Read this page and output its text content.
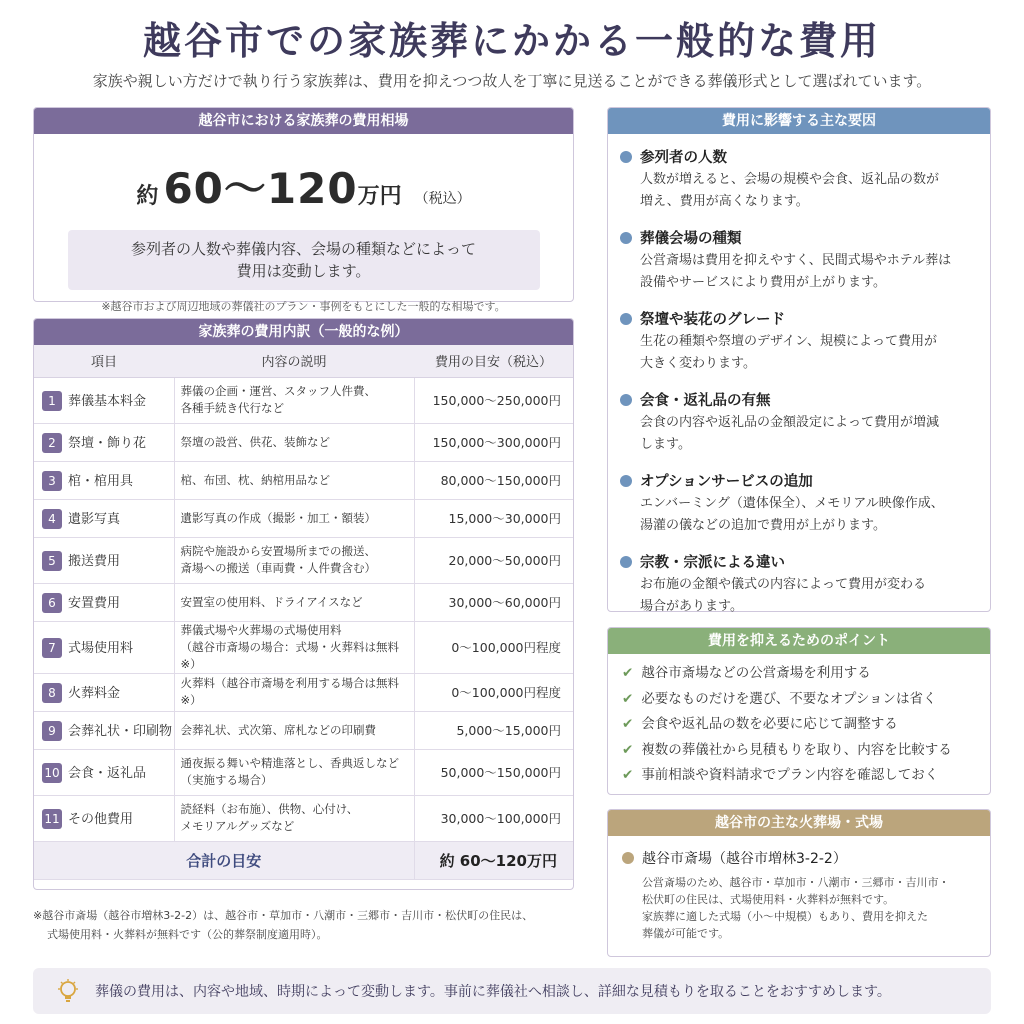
越谷市での家族葬にかかる一般的な費用
家族や親しい方だけで執り行う家族葬は、費用を抑えつつ故人を丁寧に見送ることができる葬儀形式として選ばれています。
越谷市における家族葬の費用相場
約 60〜120万円 （税込）
参列者の人数や葬儀内容、会場の種類などによって
費用は変動します。
※越谷市および周辺地域の葬儀社のプラン・事例をもとにした一般的な相場です。
家族葬の費用内訳（一般的な例）
項目	内容の説明	費用の目安（税込）
1 葬儀基本料金	葬儀の企画・運営、スタッフ人件費、
各種手続き代行など	150,000〜250,000円
2 祭壇・飾り花	祭壇の設営、供花、装飾など	150,000〜300,000円
3 棺・棺用具	棺、布団、枕、納棺用品など	80,000〜150,000円
4 遺影写真	遺影写真の作成（撮影・加工・額装）	15,000〜30,000円
5 搬送費用	病院や施設から安置場所までの搬送、
斎場への搬送（車両費・人件費含む）	20,000〜50,000円
6 安置費用	安置室の使用料、ドライアイスなど	30,000〜60,000円
7 式場使用料	葬儀式場や火葬場の式場使用料
（越谷市斎場の場合：式場・火葬料は無料※）	0〜100,000円程度
8 火葬料金	火葬料（越谷市斎場を利用する場合は無料※）	0〜100,000円程度
9 会葬礼状・印刷物	会葬礼状、式次第、席札などの印刷費	5,000〜15,000円
10 会食・返礼品	通夜振る舞いや精進落とし、香典返しなど
（実施する場合）	50,000〜150,000円
11 その他費用	読経料（お布施）、供物、心付け、
メモリアルグッズなど	30,000〜100,000円
合計の目安		約 60〜120万円
※越谷市斎場（越谷市増林3-2-2）は、越谷市・草加市・八潮市・三郷市・吉川市・松伏町の住民は、
式場使用料・火葬料が無料です（公的葬祭制度適用時）。
費用に影響する主な要因
参列者の人数
人数が増えると、会場の規模や会食、返礼品の数が
増え、費用が高くなります。
葬儀会場の種類
公営斎場は費用を抑えやすく、民間式場やホテル葬は
設備やサービスにより費用が上がります。
祭壇や装花のグレード
生花の種類や祭壇のデザイン、規模によって費用が
大きく変わります。
会食・返礼品の有無
会食の内容や返礼品の金額設定によって費用が増減
します。
オプションサービスの追加
エンバーミング（遺体保全）、メモリアル映像作成、
湯灌の儀などの追加で費用が上がります。
宗教・宗派による違い
お布施の金額や儀式の内容によって費用が変わる
場合があります。
費用を抑えるためのポイント
✔ 越谷市斎場などの公営斎場を利用する
✔ 必要なものだけを選び、不要なオプションは省く
✔ 会食や返礼品の数を必要に応じて調整する
✔ 複数の葬儀社から見積もりを取り、内容を比較する
✔ 事前相談や資料請求でプラン内容を確認しておく
越谷市の主な火葬場・式場
越谷市斎場（越谷市増林3-2-2）
公営斎場のため、越谷市・草加市・八潮市・三郷市・吉川市・
松伏町の住民は、式場使用料・火葬料が無料です。
家族葬に適した式場（小〜中規模）もあり、費用を抑えた
葬儀が可能です。
葬儀の費用は、内容や地域、時期によって変動します。事前に葬儀社へ相談し、詳細な見積もりを取ることをおすすめします。
